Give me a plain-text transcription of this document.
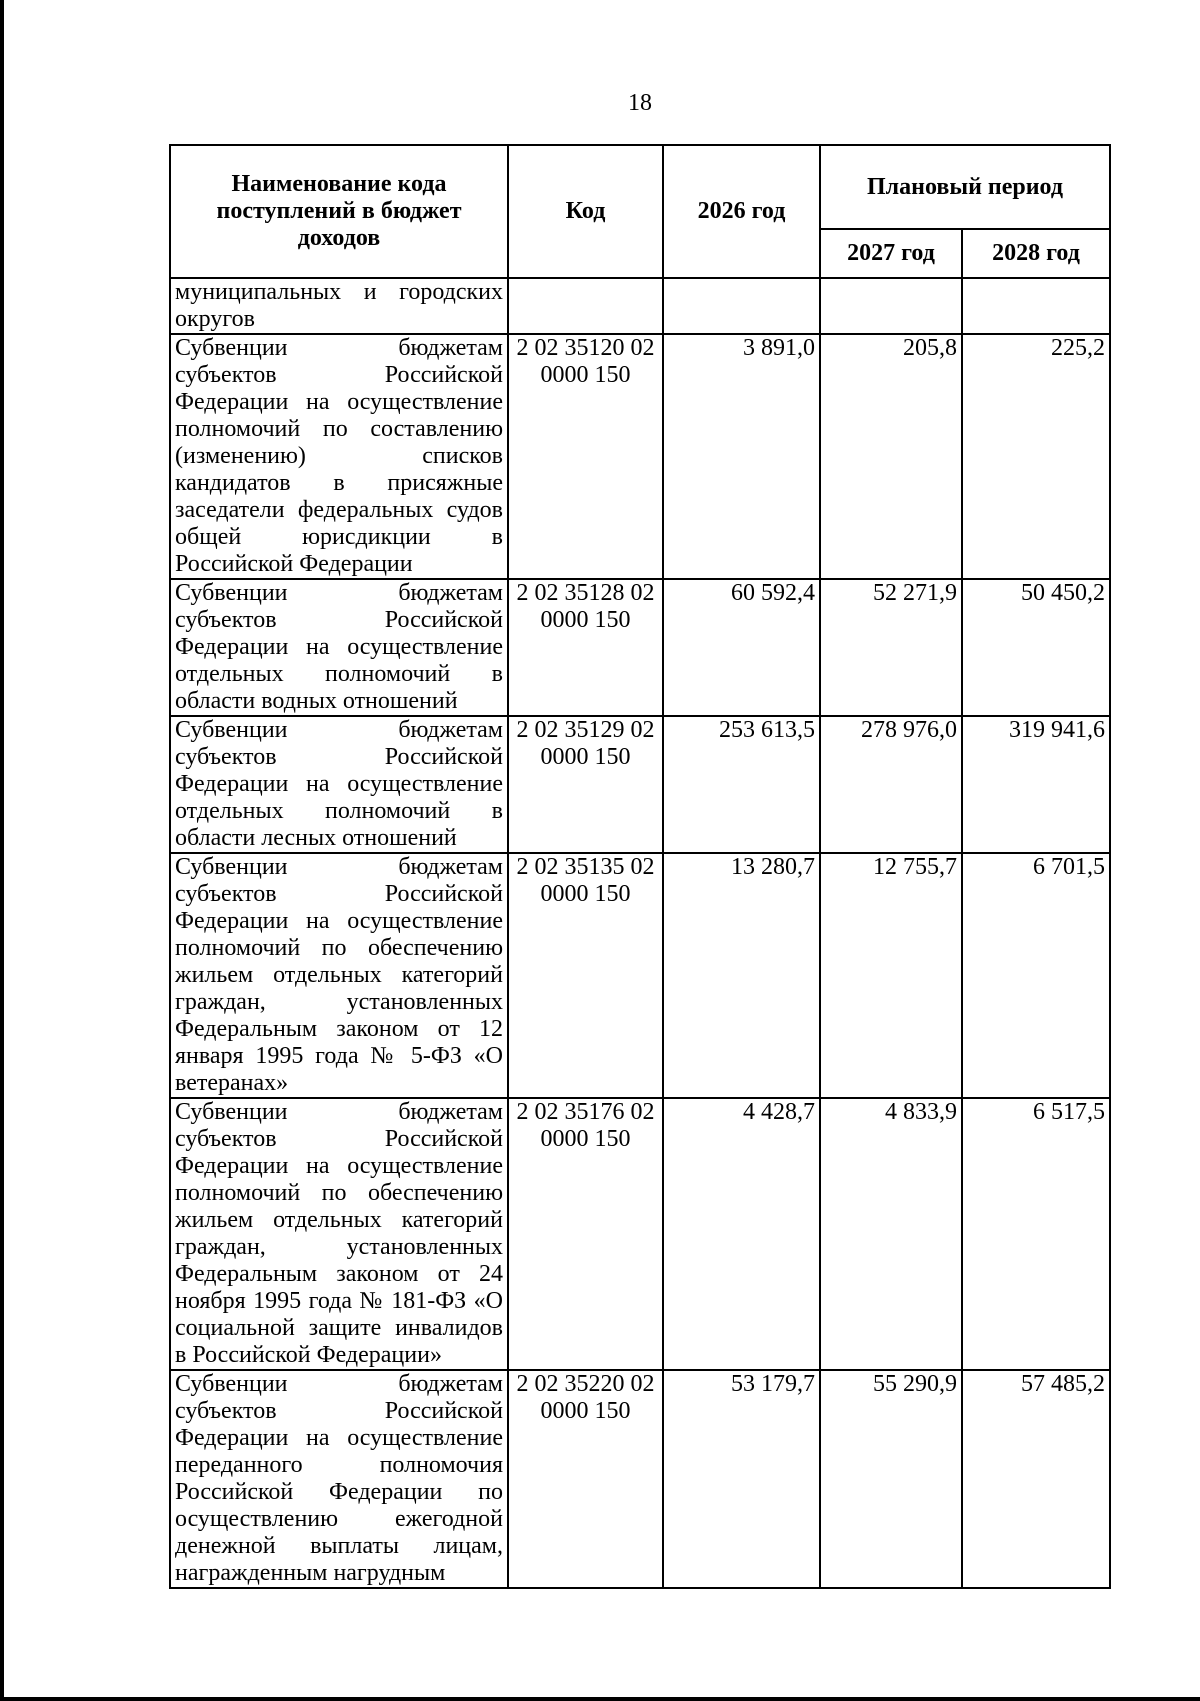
18
Наименование кода поступлений в бюджет доходов	Код	2026 год	Плановый период	
			2027 год	2028 год
муниципальных и городских округов				
Субвенции бюджетам субъектов Российской Федерации на осуществление полномочий по составлению (изменению) списков кандидатов в присяжные заседатели федеральных судов общей юрисдикции в Российской Федерации	2 02 35120 02 0000 150	3 891,0	205,8	225,2
Субвенции бюджетам субъектов Российской Федерации на осуществление отдельных полномочий в области водных отношений	2 02 35128 02 0000 150	60 592,4	52 271,9	50 450,2
Субвенции бюджетам субъектов Российской Федерации на осуществление отдельных полномочий в области лесных отношений	2 02 35129 02 0000 150	253 613,5	278 976,0	319 941,6
Субвенции бюджетам субъектов Российской Федерации на осуществление полномочий по обеспечению жильем отдельных категорий граждан, установленных Федеральным законом от 12 января 1995 года № 5-ФЗ «О ветеранах»	2 02 35135 02 0000 150	13 280,7	12 755,7	6 701,5
Субвенции бюджетам субъектов Российской Федерации на осуществление полномочий по обеспечению жильем отдельных категорий граждан, установленных Федеральным законом от 24 ноября 1995 года № 181-ФЗ «О социальной защите инвалидов в Российской Федерации»	2 02 35176 02 0000 150	4 428,7	4 833,9	6 517,5
Субвенции бюджетам субъектов Российской Федерации на осуществление переданного полномочия Российской Федерации по осуществлению ежегодной денежной выплаты лицам, награжденным нагрудным	2 02 35220 02 0000 150	53 179,7	55 290,9	57 485,2
